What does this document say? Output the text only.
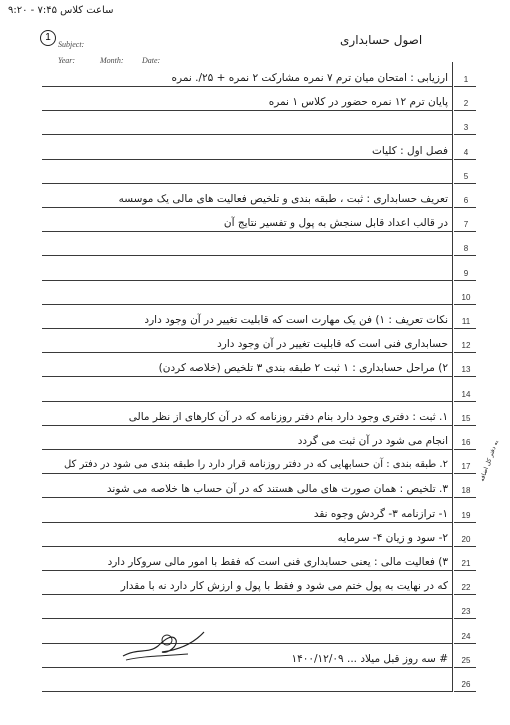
ساعت کلاس ۷:۴۵ - ۹:۲۰
1
Subject:
Year:	Month: Date:
اصول حسابداری
1
ارزیابی : امتحان میان ترم ۷ نمره مشارکت ۲ نمره + ۲۵/. نمره
2
پایان ترم ۱۲ نمره حضور در کلاس ۱ نمره
3
4
فصل اول : کلیات
5
6
تعریف حسابداری : ثبت ، طبقه بندی و تلخیص فعالیت های مالی یک موسسه
7
در قالب اعداد قابل سنجش به پول و تفسیر نتایج آن
8
9
10
11
نکات تعریف : ۱) فن یک مهارت است که قابلیت تغییر در آن وجود دارد
12
حسابداری فنی است که قابلیت تغییر در آن وجود دارد
13
۲) مراحل حسابداری : ۱ ثبت ۲ طبقه بندی ۳ تلخیص (خلاصه کردن)
14
15
۱. ثبت : دفتری وجود دارد بنام دفتر روزنامه که در آن کارهای از نظر مالی
16
انجام می شود در آن ثبت می گردد
17
۲. طبقه بندی : آن حسابهایی که در دفتر روزنامه قرار دارد را طبقه بندی می شود در دفتر کل
18
۳. تلخیص : همان صورت های مالی هستند که در آن حساب ها خلاصه می شوند
19
۱- ترازنامه ۳- گردش وجوه نقد
20
۲- سود و زیان ۴- سرمایه
21
۳) فعالیت مالی : یعنی حسابداری فنی است که فقط با امور مالی سروکار دارد
22
که در نهایت به پول ختم می شود و فقط با پول و ارزش کار دارد نه با مقدار
23
24
25
# سه روز قبل میلاد ... ۱۴۰۰/۱۲/۰۹
26
به دفتر کل اضافه
